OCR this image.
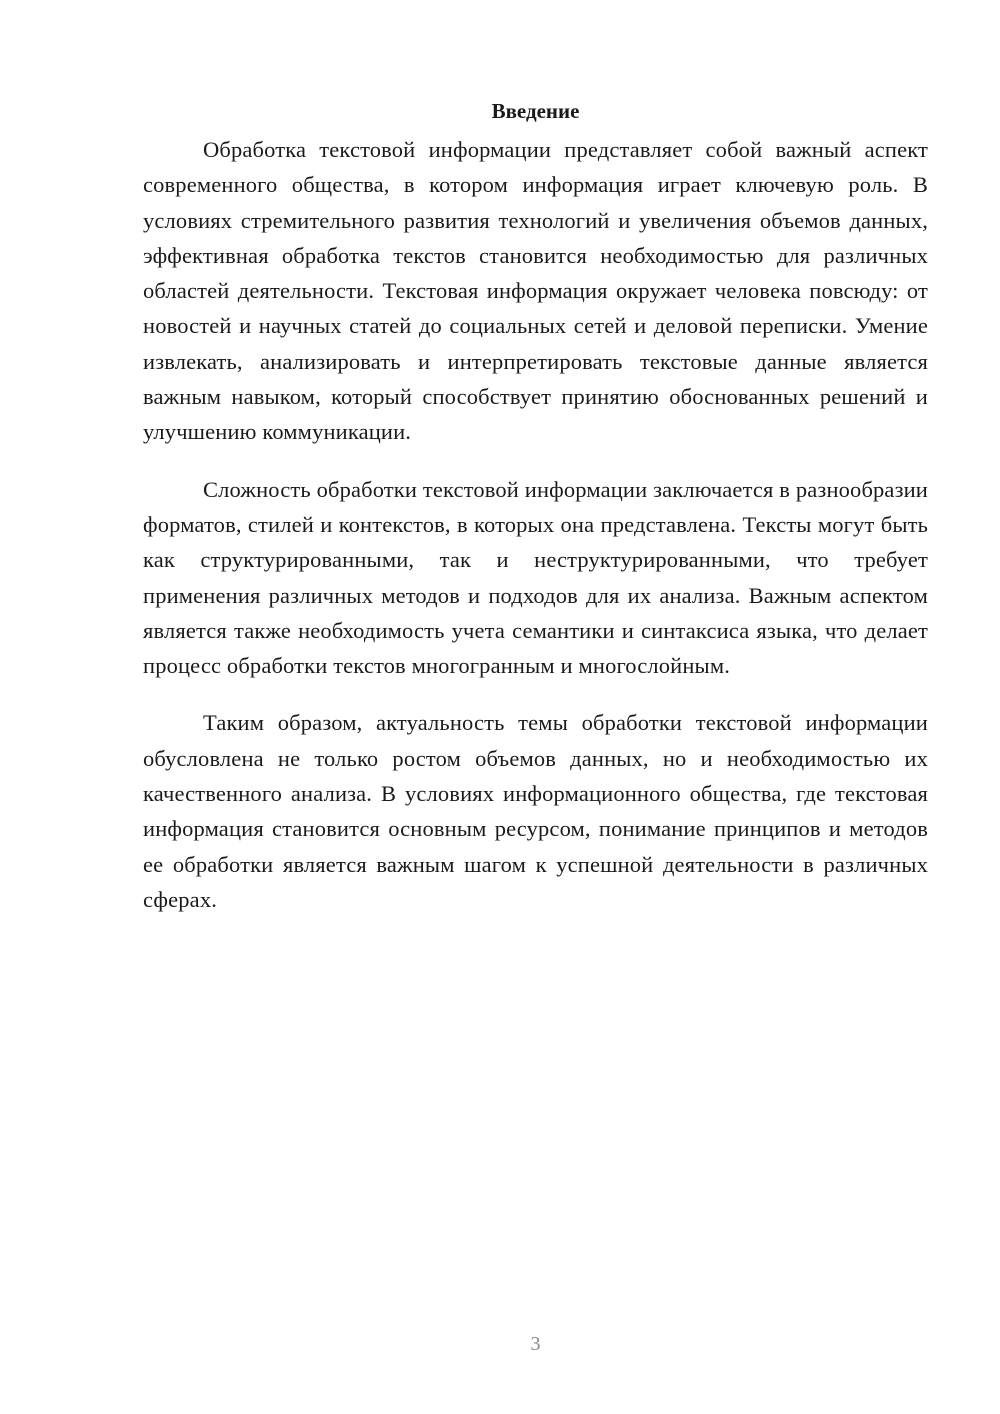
Введение

Обработка текстовой информации представляет собой важный аспект современного общества, в котором информация играет ключевую роль. В условиях стремительного развития технологий и увеличения объемов данных, эффективная обработка текстов становится необходимостью для различных областей деятельности. Текстовая информация окружает человека повсюду: от новостей и научных статей до социальных сетей и деловой переписки. Умение извлекать, анализировать и интерпретировать текстовые данные является важным навыком, который способствует принятию обоснованных решений и улучшению коммуникации.

Сложность обработки текстовой информации заключается в разнообразии форматов, стилей и контекстов, в которых она представлена. Тексты могут быть как структурированными, так и неструктурированными, что требует применения различных методов и подходов для их анализа. Важным аспектом является также необходимость учета семантики и синтаксиса языка, что делает процесс обработки текстов многогранным и многослойным.

Таким образом, актуальность темы обработки текстовой информации обусловлена не только ростом объемов данных, но и необходимостью их качественного анализа. В условиях информационного общества, где текстовая информация становится основным ресурсом, понимание принципов и методов ее обработки является важным шагом к успешной деятельности в различных сферах.

3
